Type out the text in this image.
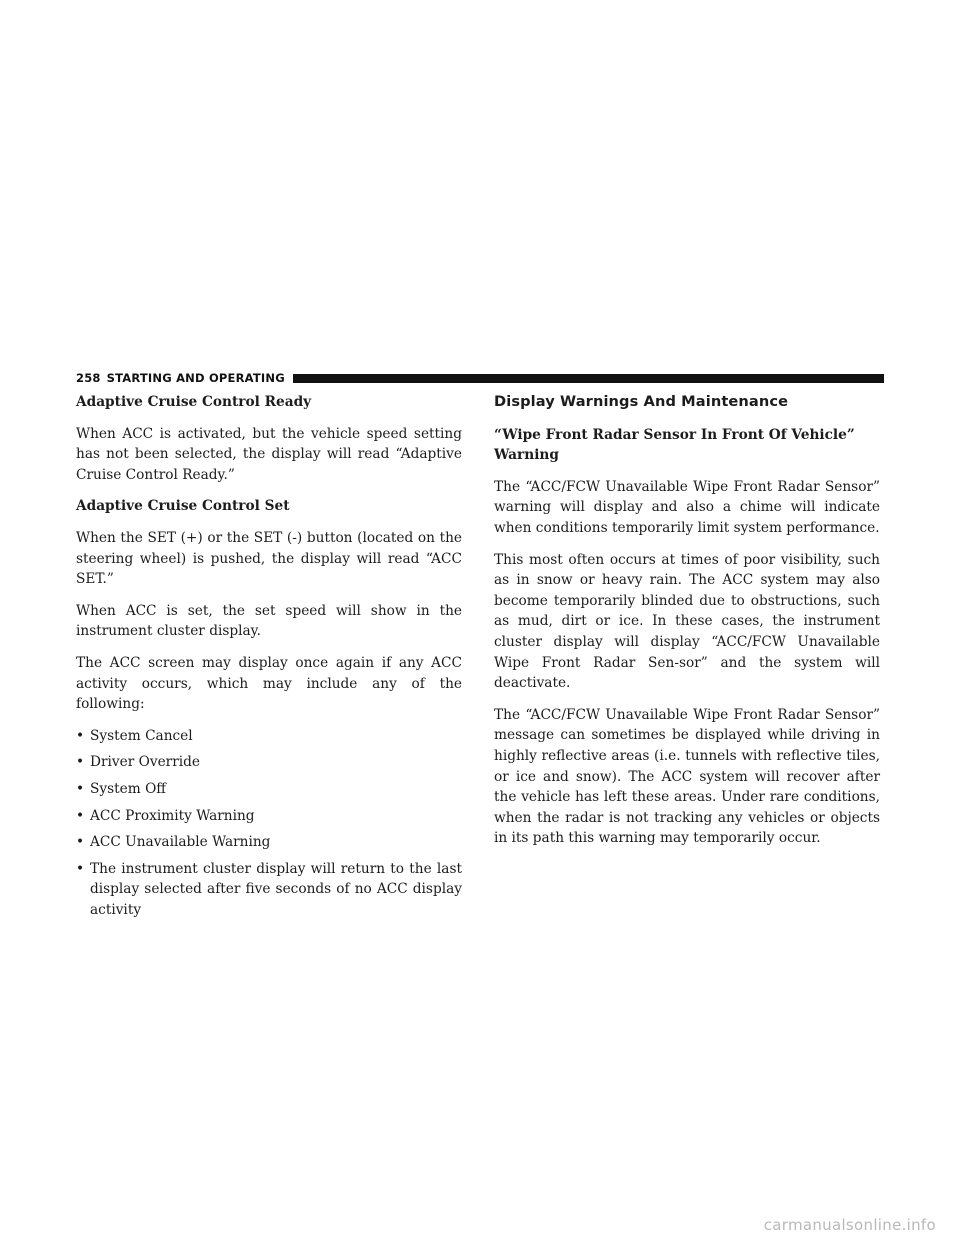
258 STARTING AND OPERATING
Adaptive Cruise Control Ready

When ACC is activated, but the vehicle speed setting has not been selected, the display will read “Adaptive Cruise Control Ready.”

Adaptive Cruise Control Set

When the SET (+) or the SET (-) button (located on the steering wheel) is pushed, the display will read “ACC SET.”

When ACC is set, the set speed will show in the instrument cluster display.

The ACC screen may display once again if any ACC activity occurs, which may include any of the following:

• System Cancel
• Driver Override
• System Off
• ACC Proximity Warning
• ACC Unavailable Warning
• The instrument cluster display will return to the last display selected after five seconds of no ACC display activity
Display Warnings And Maintenance
“Wipe Front Radar Sensor In Front Of Vehicle” Warning

The “ACC/FCW Unavailable Wipe Front Radar Sensor” warning will display and also a chime will indicate when conditions temporarily limit system performance.

This most often occurs at times of poor visibility, such as in snow or heavy rain. The ACC system may also become temporarily blinded due to obstructions, such as mud, dirt or ice. In these cases, the instrument cluster display will display “ACC/FCW Unavailable Wipe Front Radar Sen-sor” and the system will deactivate.

The “ACC/FCW Unavailable Wipe Front Radar Sensor” message can sometimes be displayed while driving in highly reflective areas (i.e. tunnels with reflective tiles, or ice and snow). The ACC system will recover after the vehicle has left these areas. Under rare conditions, when the radar is not tracking any vehicles or objects in its path this warning may temporarily occur.

carmanualsonline.info
